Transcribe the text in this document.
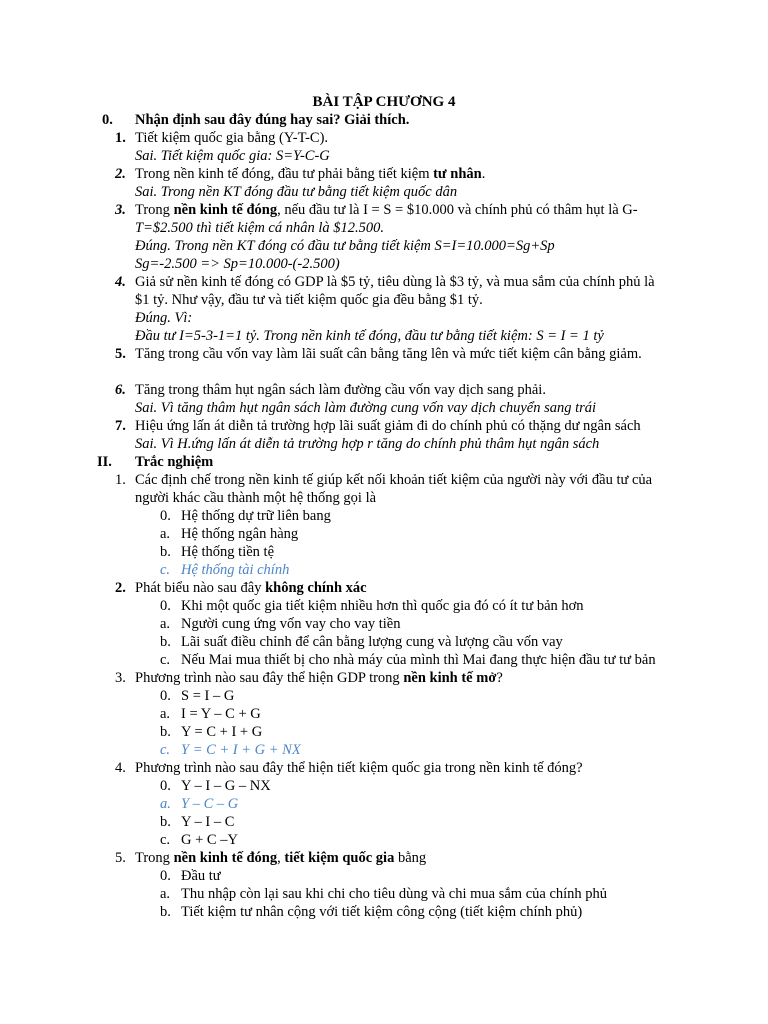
BÀI TẬP CHƯƠNG 4
0. Nhận định sau đây đúng hay sai? Giải thích.
1. Tiết kiệm quốc gia bằng (Y-T-C).
Sai. Tiết kiệm quốc gia: S=Y-C-G
2. Trong nền kinh tế đóng, đầu tư phải bằng tiết kiệm tư nhân.
Sai. Trong nền KT đóng đầu tư bằng tiết kiệm quốc dân
3. Trong nền kinh tế đóng, nếu đầu tư là I = S = $10.000 và chính phủ có thâm hụt là G-
T=$2.500 thì tiết kiệm cá nhân là $12.500.
Đúng. Trong nền KT đóng có đầu tư bằng tiết kiệm S=I=10.000=Sg+Sp
Sg=-2.500 => Sp=10.000-(-2.500)
4. Giả sử nền kinh tế đóng có GDP là $5 tỷ, tiêu dùng là $3 tỷ, và mua sắm của chính phủ là
$1 tỷ. Như vậy, đầu tư và tiết kiệm quốc gia đều bằng $1 tỷ.
Đúng. Vì:
Đầu tư I=5-3-1=1 tỷ. Trong nền kinh tế đóng, đầu tư bằng tiết kiệm: S = I = 1 tỷ
5. Tăng trong cầu vốn vay làm lãi suất cân bằng tăng lên và mức tiết kiệm cân bằng giảm.
6. Tăng trong thâm hụt ngân sách làm đường cầu vốn vay dịch sang phải.
Sai. Vì tăng thâm hụt ngân sách làm đường cung vốn vay dịch chuyển sang trái
7. Hiệu ứng lấn át diễn tả trường hợp lãi suất giảm đi do chính phủ có thặng dư ngân sách
Sai. Vì H.ứng lấn át diễn tả trường hợp r tăng do chính phủ thâm hụt ngân sách
II. Trắc nghiệm
1. Các định chế trong nền kinh tế giúp kết nối khoản tiết kiệm của người này với đầu tư của
người khác cầu thành một hệ thống gọi là
0. Hệ thống dự trữ liên bang
a. Hệ thống ngân hàng
b. Hệ thống tiền tệ
c. Hệ thống tài chính
2. Phát biểu nào sau đây không chính xác
0. Khi một quốc gia tiết kiệm nhiều hơn thì quốc gia đó có ít tư bản hơn
a. Người cung ứng vốn vay cho vay tiền
b. Lãi suất điều chỉnh để cân bằng lượng cung và lượng cầu vốn vay
c. Nếu Mai mua thiết bị cho nhà máy của mình thì Mai đang thực hiện đầu tư tư bản
3. Phương trình nào sau đây thể hiện GDP trong nền kinh tế mở?
0. S = I – G
a. I = Y – C + G
b. Y = C + I + G
c. Y = C + I + G + NX
4. Phương trình nào sau đây thể hiện tiết kiệm quốc gia trong nền kinh tế đóng?
0. Y – I – G – NX
a. Y – C – G
b. Y – I – C
c. G + C –Y
5. Trong nền kinh tế đóng, tiết kiệm quốc gia bằng
0. Đầu tư
a. Thu nhập còn lại sau khi chi cho tiêu dùng và chi mua sắm của chính phủ
b. Tiết kiệm tư nhân cộng với tiết kiệm công cộng (tiết kiệm chính phủ)
